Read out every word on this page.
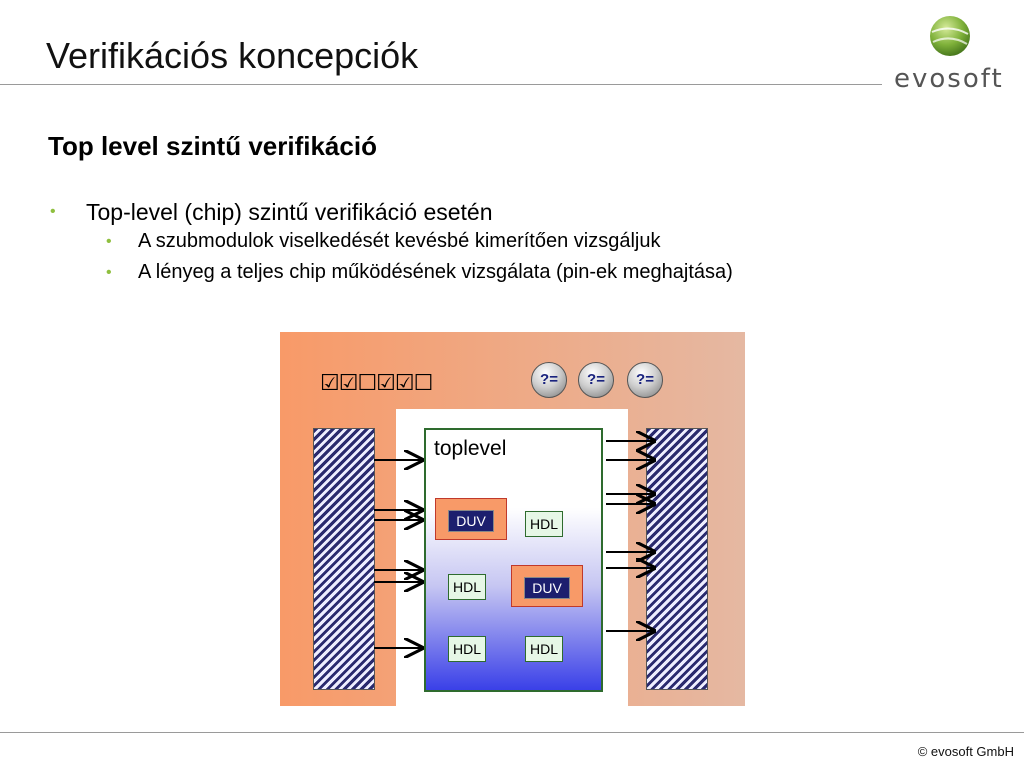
Verifikációs koncepciók
evosoft
Top level szintű verifikáció
• Top-level (chip) szintű verifikáció esetén
• A szubmodulok viselkedését kevésbé kimerítően vizsgáljuk
• A lényeg a teljes chip működésének vizsgálata (pin-ek meghajtása)
☑☑☐☑☑☐	?=	?=	?=
toplevel
DUV	HDL
HDL	DUV
HDL	HDL
© evosoft GmbH
